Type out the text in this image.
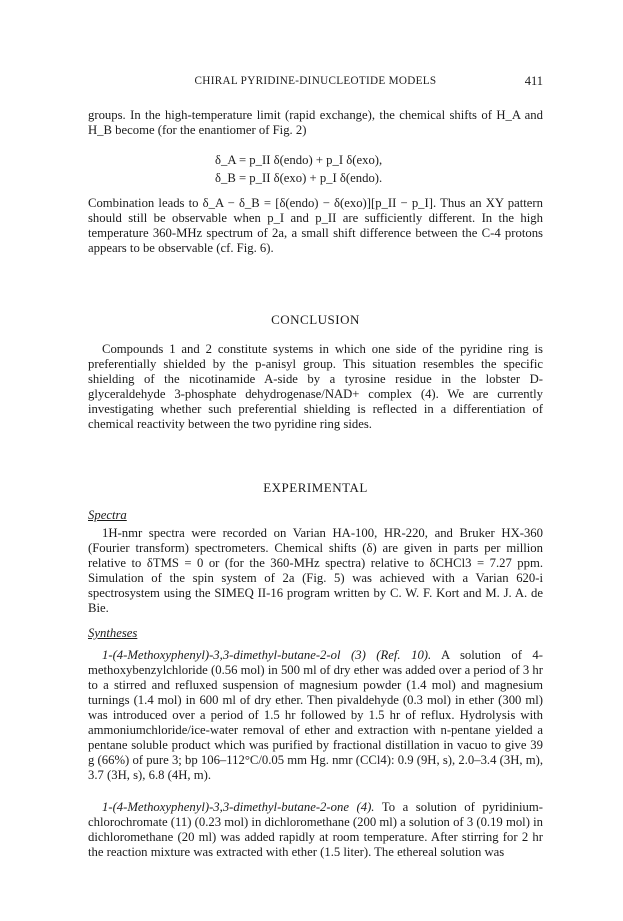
CHIRAL PYRIDINE-DINUCLEOTIDE MODELS	411
groups. In the high-temperature limit (rapid exchange), the chemical shifts of H_A and H_B become (for the enantiomer of Fig. 2)
δ_A = p_II δ(endo) + p_I δ(exo),
δ_B = p_II δ(exo) + p_I δ(endo).
Combination leads to δ_A − δ_B = [δ(endo) − δ(exo)][p_II − p_I]. Thus an XY pattern should still be observable when p_I and p_II are sufficiently different. In the high temperature 360-MHz spectrum of 2a, a small shift difference between the C-4 protons appears to be observable (cf. Fig. 6).
CONCLUSION
Compounds 1 and 2 constitute systems in which one side of the pyridine ring is preferentially shielded by the p-anisyl group. This situation resembles the specific shielding of the nicotinamide A-side by a tyrosine residue in the lobster D-glyceraldehyde 3-phosphate dehydrogenase/NAD+ complex (4). We are currently investigating whether such preferential shielding is reflected in a differentiation of chemical reactivity between the two pyridine ring sides.
EXPERIMENTAL
Spectra
1H-nmr spectra were recorded on Varian HA-100, HR-220, and Bruker HX-360 (Fourier transform) spectrometers. Chemical shifts (δ) are given in parts per million relative to δTMS = 0 or (for the 360-MHz spectra) relative to δCHCl3 = 7.27 ppm. Simulation of the spin system of 2a (Fig. 5) was achieved with a Varian 620-i spectrosystem using the SIMEQ II-16 program written by C. W. F. Kort and M. J. A. de Bie.
Syntheses
1-(4-Methoxyphenyl)-3,3-dimethyl-butane-2-ol (3) (Ref. 10). A solution of 4-methoxybenzylchloride (0.56 mol) in 500 ml of dry ether was added over a period of 3 hr to a stirred and refluxed suspension of magnesium powder (1.4 mol) and magnesium turnings (1.4 mol) in 600 ml of dry ether. Then pivaldehyde (0.3 mol) in ether (300 ml) was introduced over a period of 1.5 hr followed by 1.5 hr of reflux. Hydrolysis with ammoniumchloride/ice-water removal of ether and extraction with n-pentane yielded a pentane soluble product which was purified by fractional distillation in vacuo to give 39 g (66%) of pure 3; bp 106–112°C/0.05 mm Hg. nmr (CCl4): 0.9 (9H, s), 2.0–3.4 (3H, m), 3.7 (3H, s), 6.8 (4H, m).
1-(4-Methoxyphenyl)-3,3-dimethyl-butane-2-one (4). To a solution of pyridinium-chlorochromate (11) (0.23 mol) in dichloromethane (200 ml) a solution of 3 (0.19 mol) in dichloromethane (20 ml) was added rapidly at room temperature. After stirring for 2 hr the reaction mixture was extracted with ether (1.5 liter). The ethereal solution was
